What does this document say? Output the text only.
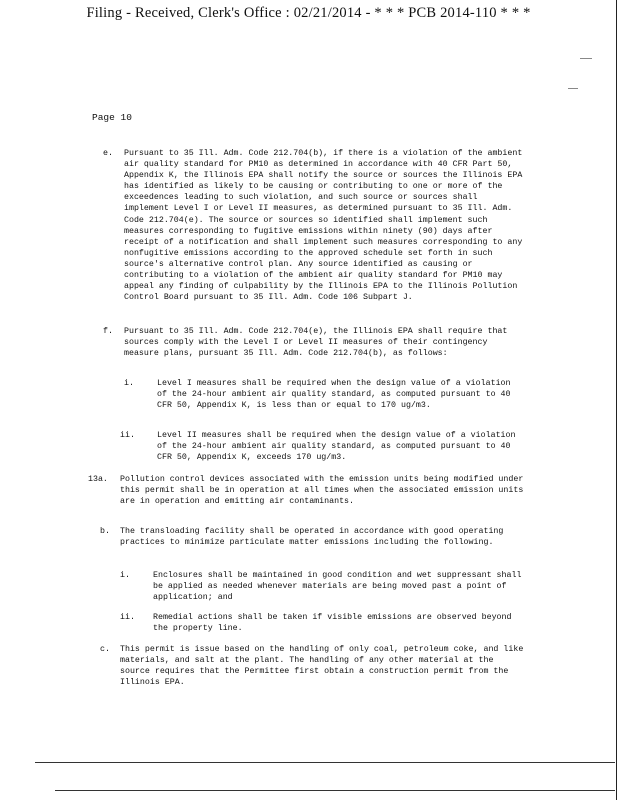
Filing - Received, Clerk's Office : 02/21/2014 - * * * PCB 2014-110 * * *
Page 10
e. Pursuant to 35 Ill. Adm. Code 212.704(b), if there is a violation of the ambient air quality standard for PM10 as determined in accordance with 40 CFR Part 50, Appendix K, the Illinois EPA shall notify the source or sources the Illinois EPA has identified as likely to be causing or contributing to one or more of the exceedences leading to such violation, and such source or sources shall implement Level I or Level II measures, as determined pursuant to 35 Ill. Adm. Code 212.704(e). The source or sources so identified shall implement such measures corresponding to fugitive emissions within ninety (90) days after receipt of a notification and shall implement such measures corresponding to any nonfugitive emissions according to the approved schedule set forth in such source's alternative control plan. Any source identified as causing or contributing to a violation of the ambient air quality standard for PM10 may appeal any finding of culpability by the Illinois EPA to the Illinois Pollution Control Board pursuant to 35 Ill. Adm. Code 106 Subpart J.
f. Pursuant to 35 Ill. Adm. Code 212.704(e), the Illinois EPA shall require that sources comply with the Level I or Level II measures of their contingency measure plans, pursuant 35 Ill. Adm. Code 212.704(b), as follows:
i.	Level I measures shall be required when the design value of a violation of the 24-hour ambient air quality standard, as computed pursuant to 40 CFR 50, Appendix K, is less than or equal to 170 ug/m3.
ii.	Level II measures shall be required when the design value of a violation of the 24-hour ambient air quality standard, as computed pursuant to 40 CFR 50, Appendix K, exceeds 170 ug/m3.
13a. Pollution control devices associated with the emission units being modified under this permit shall be in operation at all times when the associated emission units are in operation and emitting air contaminants.
b. The transloading facility shall be operated in accordance with good operating practices to minimize particulate matter emissions including the following.
i.	Enclosures shall be maintained in good condition and wet suppressant shall be applied as needed whenever materials are being moved past a point of application; and
ii. Remedial actions shall be taken if visible emissions are observed beyond the property line.
c. This permit is issue based on the handling of only coal, petroleum coke, and like materials, and salt at the plant. The handling of any other material at the source requires that the Permittee first obtain a construction permit from the Illinois EPA.
